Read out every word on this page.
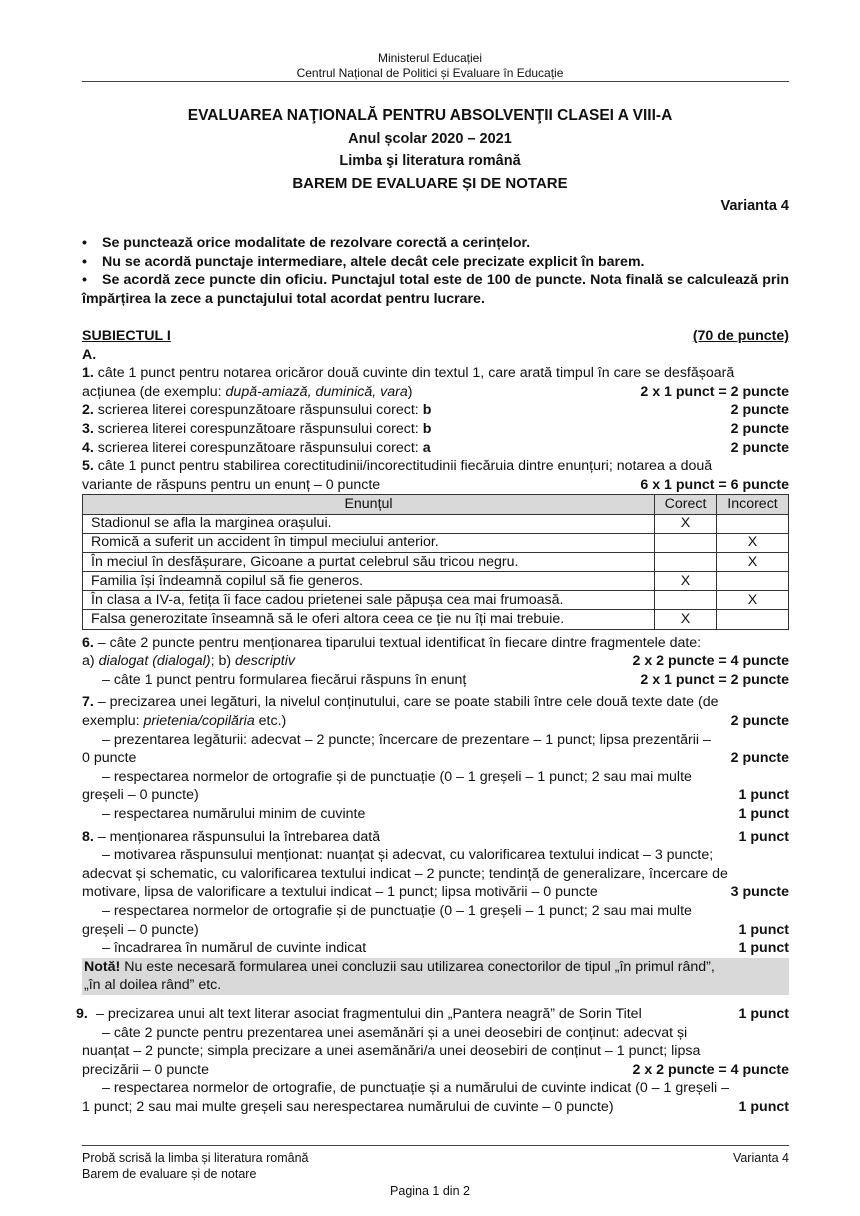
Ministerul Educației
Centrul Național de Politici și Evaluare în Educație
EVALUAREA NAŢIONALĂ PENTRU ABSOLVENŢII CLASEI A VIII-A
Anul școlar 2020 – 2021
Limba şi literatura română
BAREM DE EVALUARE ȘI DE NOTARE
Varianta 4

• Se punctează orice modalitate de rezolvare corectă a cerințelor.

• Nu se acordă punctaje intermediare, altele decât cele precizate explicit în barem.

• Se acordă zece puncte din oficiu. Punctajul total este de 100 de puncte. Nota finală se calculează prin împărțirea la zece a punctajului total acordat pentru lucrare.

SUBIECTUL I	(70 de puncte)
A.
1. câte 1 punct pentru notarea oricăror două cuvinte din textul 1, care arată timpul în care se desfășoară
acțiunea (de exemplu: după-amiază, duminică, vara)	2 x 1 punct = 2 puncte
2. scrierea literei corespunzătoare răspunsului corect: b	2 puncte
3. scrierea literei corespunzătoare răspunsului corect: b	2 puncte
4. scrierea literei corespunzătoare răspunsului corect: a	2 puncte
5. câte 1 punct pentru stabilirea corectitudinii/incorectitudinii fiecăruia dintre enunțuri; notarea a două
variante de răspuns pentru un enunț – 0 puncte	6 x 1 punct = 6 puncte
Enunțul	Corect	Incorect
Stadionul se afla la marginea orașului.	X	
Romică a suferit un accident în timpul meciului anterior.		X
În meciul în desfășurare, Gicoane a purtat celebrul său tricou negru.		X
Familia își îndeamnă copilul să fie generos.	X	
În clasa a IV-a, fetița îi face cadou prietenei sale păpușa cea mai frumoasă.		X
Falsa generozitate înseamnă să le oferi altora ceea ce ție nu îți mai trebuie.	X	
6. – câte 2 puncte pentru menționarea tiparului textual identificat în fiecare dintre fragmentele date:
a) dialogat (dialogal); b) descriptiv	2 x 2 puncte = 4 puncte
– câte 1 punct pentru formularea fiecărui răspuns în enunț	2 x 1 punct = 2 puncte
7. – precizarea unei legături, la nivelul conținutului, care se poate stabili între cele două texte date (de
exemplu: prietenia/copilăria etc.)	2 puncte
– prezentarea legăturii: adecvat – 2 puncte; încercare de prezentare – 1 punct; lipsa prezentării –
0 puncte	2 puncte
– respectarea normelor de ortografie și de punctuație (0 – 1 greșeli – 1 punct; 2 sau mai multe
greșeli – 0 puncte)	1 punct
– respectarea numărului minim de cuvinte	1 punct
8. – menționarea răspunsului la întrebarea dată	1 punct
– motivarea răspunsului menționat: nuanțat și adecvat, cu valorificarea textului indicat – 3 puncte;
adecvat și schematic, cu valorificarea textului indicat – 2 puncte; tendință de generalizare, încercare de
motivare, lipsa de valorificare a textului indicat – 1 punct; lipsa motivării – 0 puncte	3 puncte
– respectarea normelor de ortografie și de punctuație (0 – 1 greșeli – 1 punct; 2 sau mai multe
greșeli – 0 puncte)	1 punct
– încadrarea în numărul de cuvinte indicat	1 punct
Notă! Nu este necesară formularea unei concluzii sau utilizarea conectorilor de tipul „în primul rând”,
„în al doilea rând” etc.
9. – precizarea unui alt text literar asociat fragmentului din „Pantera neagră” de Sorin Titel	1 punct
– câte 2 puncte pentru prezentarea unei asemănări și a unei deosebiri de conținut: adecvat și
nuanțat – 2 puncte; simpla precizare a unei asemănări/a unei deosebiri de conținut – 1 punct; lipsa
precizării – 0 puncte	2 x 2 puncte = 4 puncte
– respectarea normelor de ortografie, de punctuație și a numărului de cuvinte indicat (0 – 1 greșeli –
1 punct; 2 sau mai multe greșeli sau nerespectarea numărului de cuvinte – 0 puncte)	1 punct
Probă scrisă la limba și literatura română
Barem de evaluare și de notare
Varianta 4
Pagina 1 din 2
